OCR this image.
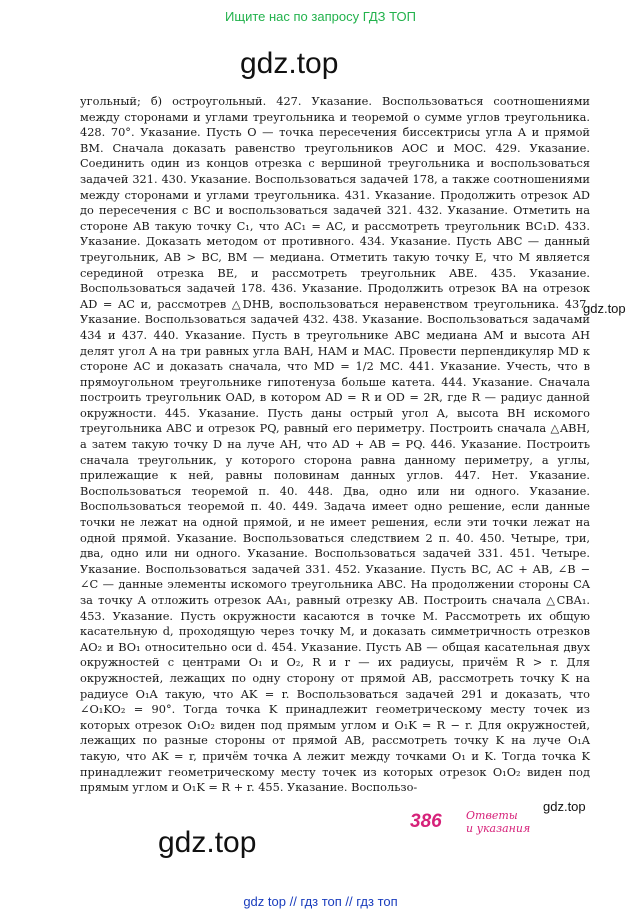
Ищите нас по запросу ГДЗ ТОП
gdz.top

угольный; б) остроугольный. 427. Указание. Воспользоваться соотношениями между сторонами и углами треугольника и теоремой о сумме углов треугольника. 428. 70°. Указание. Пусть O — точка пересечения биссектрисы угла A и прямой BM. Сначала доказать равенство треугольников AOC и MOC. 429. Указание. Соединить один из концов отрезка с вершиной треугольника и воспользоваться задачей 321. 430. Указание. Воспользоваться задачей 178, а также соотношениями между сторонами и углами треугольника. 431. Указание. Продолжить отрезок AD до пересечения с BC и воспользоваться задачей 321. 432. Указание. Отметить на стороне AB такую точку C₁, что AC₁ = AC, и рассмотреть треугольник BC₁D. 433. Указание. Доказать методом от противного. 434. Указание. Пусть ABC — данный треугольник, AB > BC, BM — медиана. Отметить такую точку E, что M является серединой отрезка BE, и рассмотреть треугольник ABE. 435. Указание. Воспользоваться задачей 178. 436. Указание. Продолжить отрезок BA на отрезок AD = AC и, рассмотрев △DHB, воспользоваться неравенством треугольника. 437. Указание. Воспользоваться задачей 432. 438. Указание. Воспользоваться задачами 434 и 437. 440. Указание. Пусть в треугольнике ABC медиана AM и высота AH делят угол A на три равных угла BAH, HAM и MAC. Провести перпендикуляр MD к стороне AC и доказать сначала, что MD = 1/2 MC. 441. Указание. Учесть, что в прямоугольном треугольнике гипотенуза больше катета. 444. Указание. Сначала построить треугольник OAD, в котором AD = R и OD = 2R, где R — радиус данной окружности. 445. Указание. Пусть даны острый угол A, высота BH искомого треугольника ABC и отрезок PQ, равный его периметру. Построить сначала △ABH, а затем такую точку D на луче AH, что AD + AB = PQ. 446. Указание. Построить сначала треугольник, у которого сторона равна данному периметру, а углы, прилежащие к ней, равны половинам данных углов. 447. Нет. Указание. Воспользоваться теоремой п. 40. 448. Два, одно или ни одного. Указание. Воспользоваться теоремой п. 40. 449. Задача имеет одно решение, если данные точки не лежат на одной прямой, и не имеет решения, если эти точки лежат на одной прямой. Указание. Воспользоваться следствием 2 п. 40. 450. Четыре, три, два, одно или ни одного. Указание. Воспользоваться задачей 331. 451. Четыре. Указание. Воспользоваться задачей 331. 452. Указание. Пусть BC, AC + AB, ∠B − ∠C — данные элементы искомого треугольника ABC. На продолжении стороны CA за точку A отложить отрезок AA₁, равный отрезку AB. Построить сначала △CBA₁. 453. Указание. Пусть окружности касаются в точке M. Рассмотреть их общую касательную d, проходящую через точку M, и доказать симметричность отрезков AO₂ и BO₁ относительно оси d. 454. Указание. Пусть AB — общая касательная двух окружностей с центрами O₁ и O₂, R и r — их радиусы, причём R > r. Для окружностей, лежащих по одну сторону от прямой AB, рассмотреть точку K на радиусе O₁A такую, что AK = r. Воспользоваться задачей 291 и доказать, что ∠O₁KO₂ = 90°. Тогда точка K принадлежит геометрическому месту точек из которых отрезок O₁O₂ виден под прямым углом и O₁K = R − r. Для окружностей, лежащих по разные стороны от прямой AB, рассмотреть точку K на луче O₁A такую, что AK = r, причём точка A лежит между точками O₁ и K. Тогда точка K принадлежит геометрическому месту точек из которых отрезок O₁O₂ виден под прямым углом и O₁K = R + r. 455. Указание. Воспользо-

gdz.top
gdz.top
gdz.top
386 Ответы
и указания
gdz top // гдз топ // гдз топ
